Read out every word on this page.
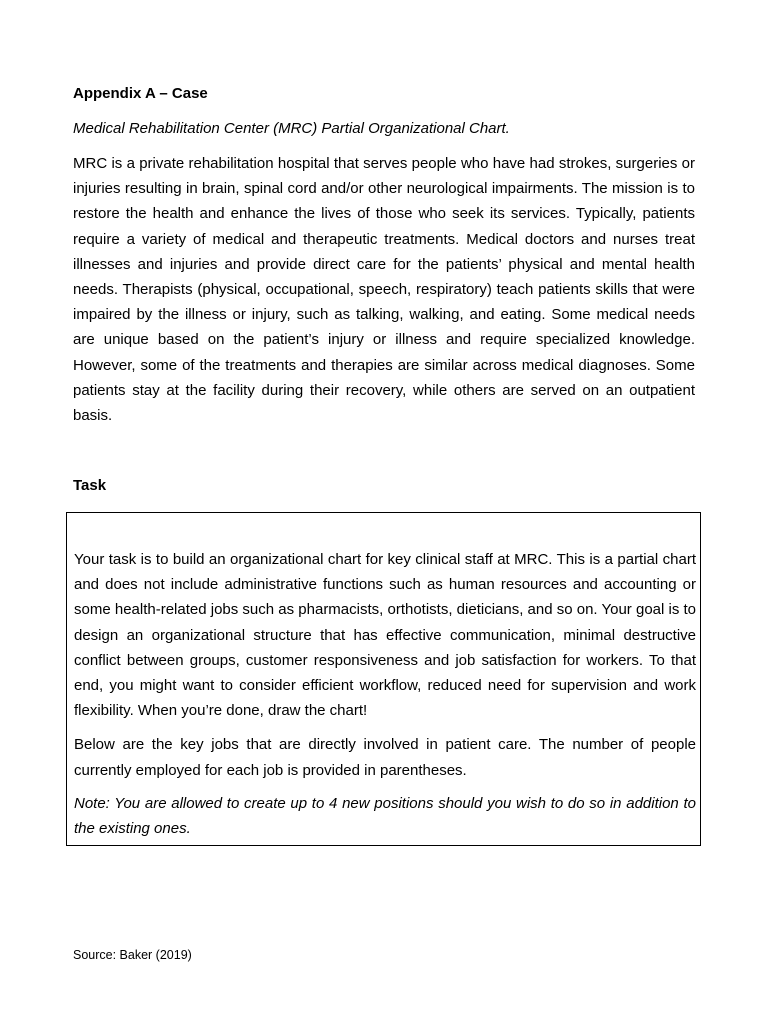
Appendix A – Case

Medical Rehabilitation Center (MRC) Partial Organizational Chart.

MRC is a private rehabilitation hospital that serves people who have had strokes, surgeries or injuries resulting in brain, spinal cord and/or other neurological impairments. The mission is to restore the health and enhance the lives of those who seek its services. Typically, patients require a variety of medical and therapeutic treatments. Medical doctors and nurses treat illnesses and injuries and provide direct care for the patients’ physical and mental health needs. Therapists (physical, occupational, speech, respiratory) teach patients skills that were impaired by the illness or injury, such as talking, walking, and eating. Some medical needs are unique based on the patient’s injury or illness and require specialized knowledge. However, some of the treatments and therapies are similar across medical diagnoses. Some patients stay at the facility during their recovery, while others are served on an outpatient basis.

Task

Your task is to build an organizational chart for key clinical staff at MRC. This is a partial chart and does not include administrative functions such as human resources and accounting or some health-related jobs such as pharmacists, orthotists, dieticians, and so on. Your goal is to design an organizational structure that has effective communication, minimal destructive conflict between groups, customer responsiveness and job satisfaction for workers. To that end, you might want to consider efficient workflow, reduced need for supervision and work flexibility. When you’re done, draw the chart!

Below are the key jobs that are directly involved in patient care. The number of people currently employed for each job is provided in parentheses.

Note: You are allowed to create up to 4 new positions should you wish to do so in addition to the existing ones.

Source: Baker (2019)
